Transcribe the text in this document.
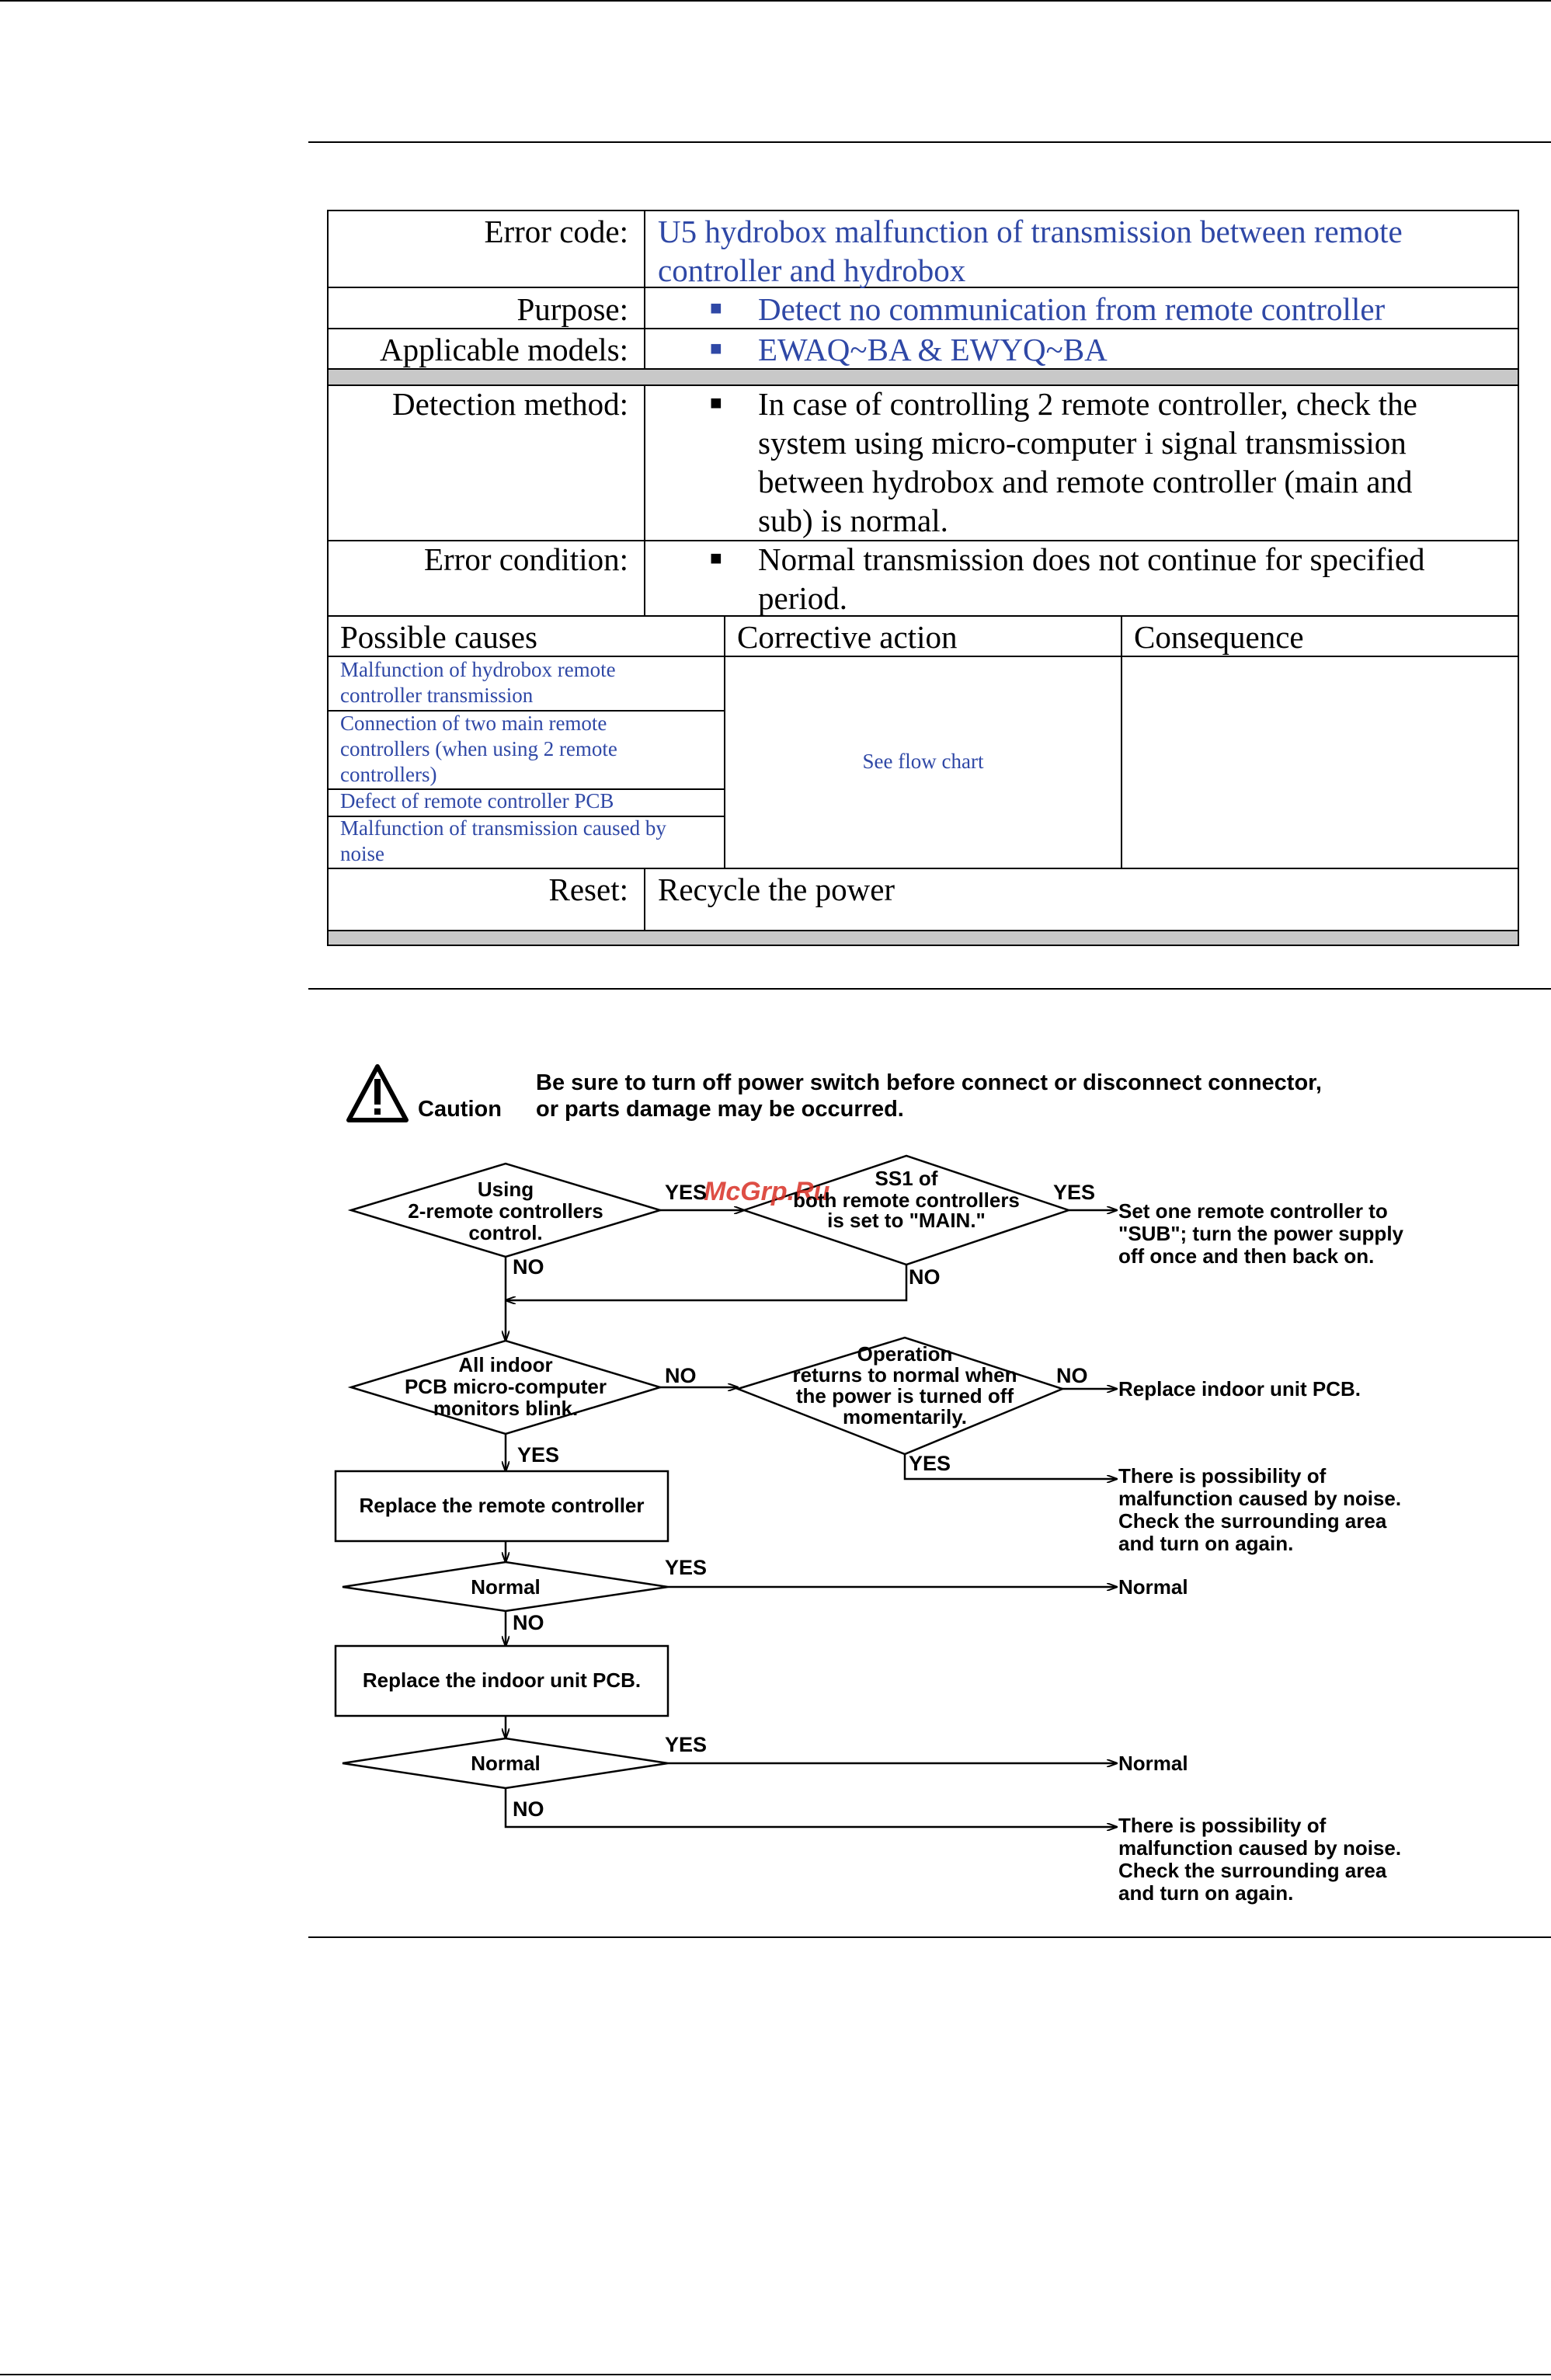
Error code: U5 hydrobox malfunction of transmission between remote
controller and hydrobox
Purpose:	■ Detect no communication from remote controller
Applicable models:	■ EWAQ~BA & EWYQ~BA
Detection method:	■ In case of controlling 2 remote controller, check the
system using micro-computer i signal transmission
between hydrobox and remote controller (main and
sub) is normal.
Error condition:	■ Normal transmission does not continue for specified
period.
Possible causes	Corrective action	Consequence
Malfunction of hydrobox remote
controller transmission
Connection of two main remote
controllers (when using 2 remote
controllers)
Defect of remote controller PCB
Malfunction of transmission caused by
noise
See flow chart
Reset: Recycle the power
Caution
Be sure to turn off power switch before connect or disconnect connector,
or parts damage may be occurred.
McGrp.Ru
Using
2-remote controllers
control.
SS1 of
both remote controllers
is set to "MAIN."
All indoor
PCB micro-computer
monitors blink.
Operation
returns to normal when
the power is turned off
momentarily.
Replace the remote controller
Normal
Replace the indoor unit PCB.
Normal
YES	YES
NO	NO
NO	NO
YES
YES
YES
NO
YES
NO
Set one remote controller to
"SUB"; turn the power supply
off once and then back on.
Replace indoor unit PCB.
There is possibility of
malfunction caused by noise.
Check the surrounding area
and turn on again.
Normal
Normal
There is possibility of
malfunction caused by noise.
Check the surrounding area
and turn on again.
